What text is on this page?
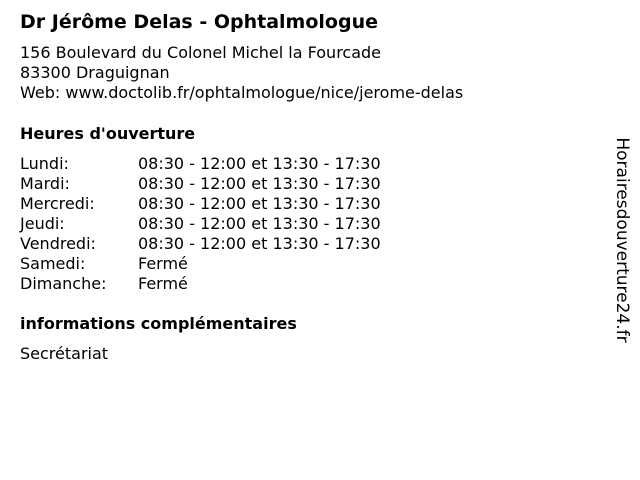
Dr Jérôme Delas - Ophtalmologue
156 Boulevard du Colonel Michel la Fourcade
83300 Draguignan
Web: www.doctolib.fr/ophtalmologue/nice/jerome-delas
Heures d'ouverture
Lundi:	08:30 - 12:00 et 13:30 - 17:30
Mardi:	08:30 - 12:00 et 13:30 - 17:30
Mercredi:	08:30 - 12:00 et 13:30 - 17:30
Jeudi:	08:30 - 12:00 et 13:30 - 17:30
Vendredi:	08:30 - 12:00 et 13:30 - 17:30
Samedi:	Fermé
Dimanche: Fermé
informations complémentaires
Secrétariat
Horairesdouverture24.fr
